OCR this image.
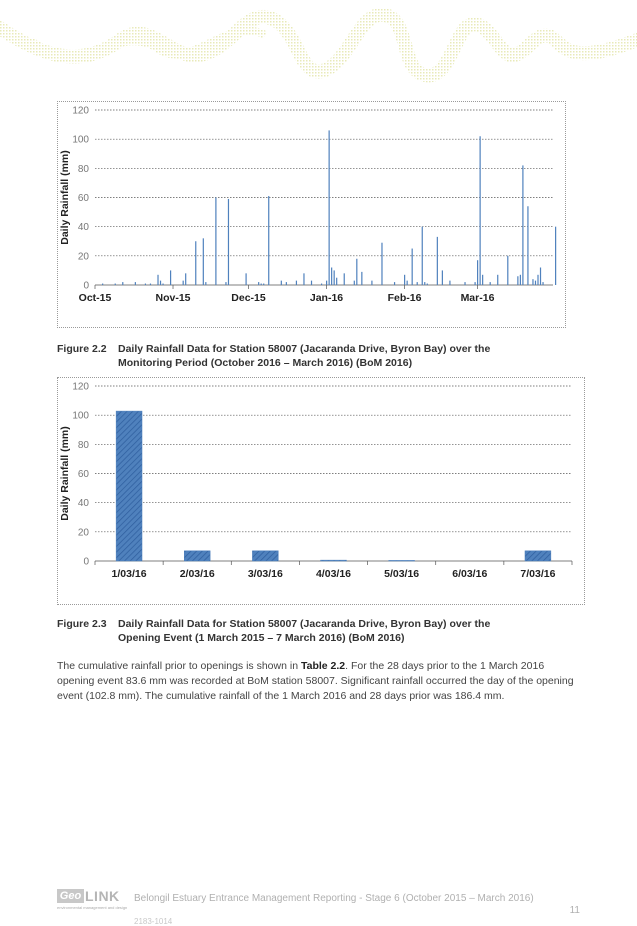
0
20
40
60
80
100
120
Daily Rainfall (mm)
Oct-15	Nov-15	Dec-15	Jan-16	Feb-16	Mar-16
Figure 2.2 Daily Rainfall Data for Station 58007 (Jacaranda Drive, Byron Bay) over the
Monitoring Period (October 2016 – March 2016) (BoM 2016)
0
20
40
60
80
100
120
Daily Rainfall (mm)
1/03/16	2/03/16	3/03/16	4/03/16	5/03/16	6/03/16	7/03/16
Figure 2.3 Daily Rainfall Data for Station 58007 (Jacaranda Drive, Byron Bay) over the
Opening Event (1 March 2015 – 7 March 2016) (BoM 2016)
The cumulative rainfall prior to openings is shown in Table 2.2. For the 28 days prior to the 1 March 2016 opening event 83.6 mm was recorded at BoM station 58007. Significant rainfall occurred the day of the opening event (102.8 mm). The cumulative rainfall of the 1 March 2016 and 28 days prior was 186.4 mm.
Geo LINK
environmental management and design
Belongil Estuary Entrance Management Reporting - Stage 6 (October 2015 – March 2016)
2183-1014
11
